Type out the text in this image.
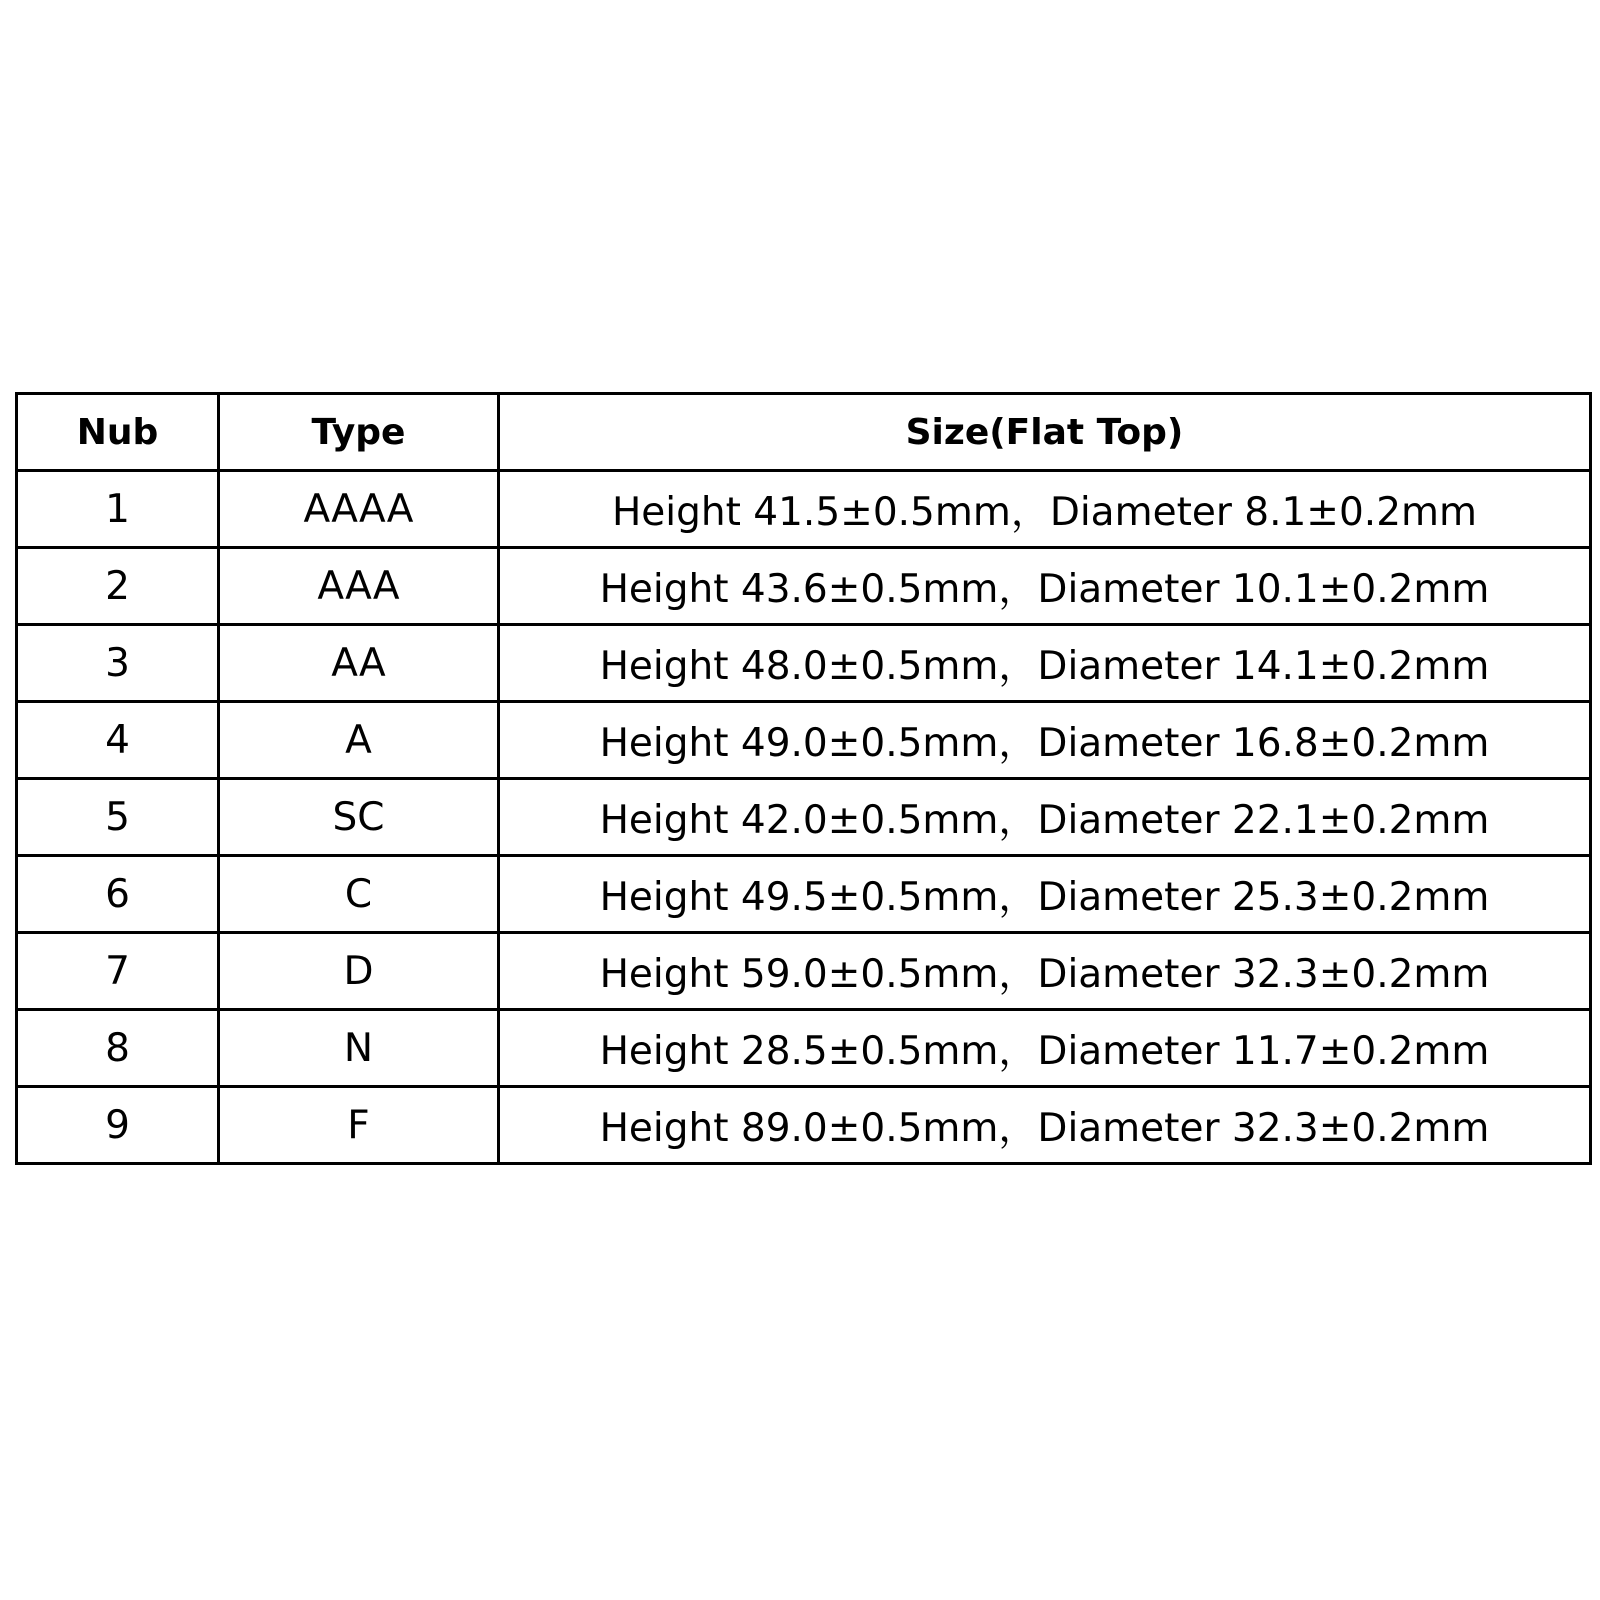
Nub	Type	Size(Flat Top)
1	AAAA	Height 41.5±0.5mm，Diameter 8.1±0.2mm
2	AAA	Height 43.6±0.5mm，Diameter 10.1±0.2mm
3	AA	Height 48.0±0.5mm，Diameter 14.1±0.2mm
4	A	Height 49.0±0.5mm，Diameter 16.8±0.2mm
5	SC	Height 42.0±0.5mm，Diameter 22.1±0.2mm
6	C	Height 49.5±0.5mm，Diameter 25.3±0.2mm
7	D	Height 59.0±0.5mm，Diameter 32.3±0.2mm
8	N	Height 28.5±0.5mm，Diameter 11.7±0.2mm
9	F	Height 89.0±0.5mm，Diameter 32.3±0.2mm
